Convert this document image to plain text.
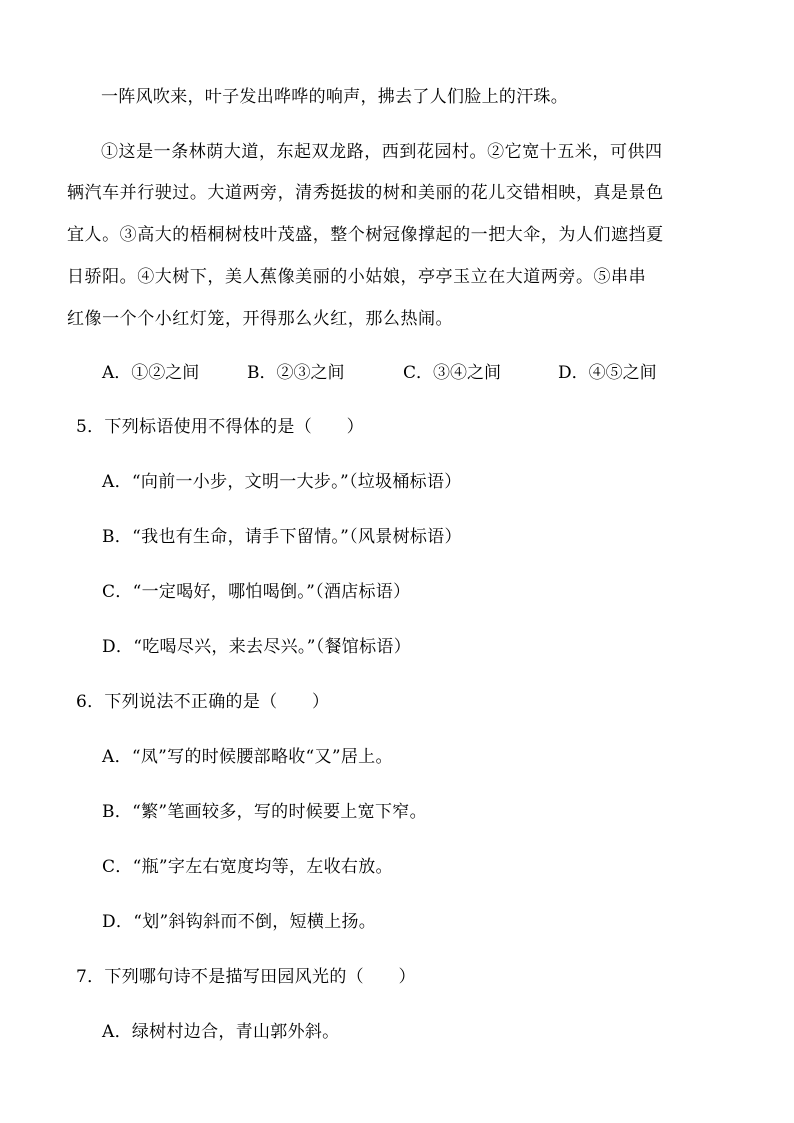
一阵风吹来，叶子发出哗哗的响声，拂去了人们脸上的汗珠。
①这是一条林荫大道，东起双龙路，西到花园村。②它宽十五米，可供四
辆汽车并行驶过。大道两旁，清秀挺拔的树和美丽的花儿交错相映，真是景色
宜人。③高大的梧桐树枝叶茂盛，整个树冠像撑起的一把大伞，为人们遮挡夏
日骄阳。④大树下，美人蕉像美丽的小姑娘，亭亭玉立在大道两旁。⑤串串
红像一个个小红灯笼，开得那么火红，那么热闹。
A．①②之间	B．②③之间	C．③④之间	D．④⑤之间
5．下列标语使用不得体的是（　　）
A．“向前一小步，文明一大步。”（垃圾桶标语）
B．“我也有生命，请手下留情。”（风景树标语）
C．“一定喝好，哪怕喝倒。”（酒店标语）
D．“吃喝尽兴，来去尽兴。”（餐馆标语）
6．下列说法不正确的是（　　）
A．“凤”写的时候腰部略收“又”居上。
B．“繁”笔画较多，写的时候要上宽下窄。
C．“瓶”字左右宽度均等，左收右放。
D．“划”斜钩斜而不倒，短横上扬。
7．下列哪句诗不是描写田园风光的（　　）
A．绿树村边合，青山郭外斜。
